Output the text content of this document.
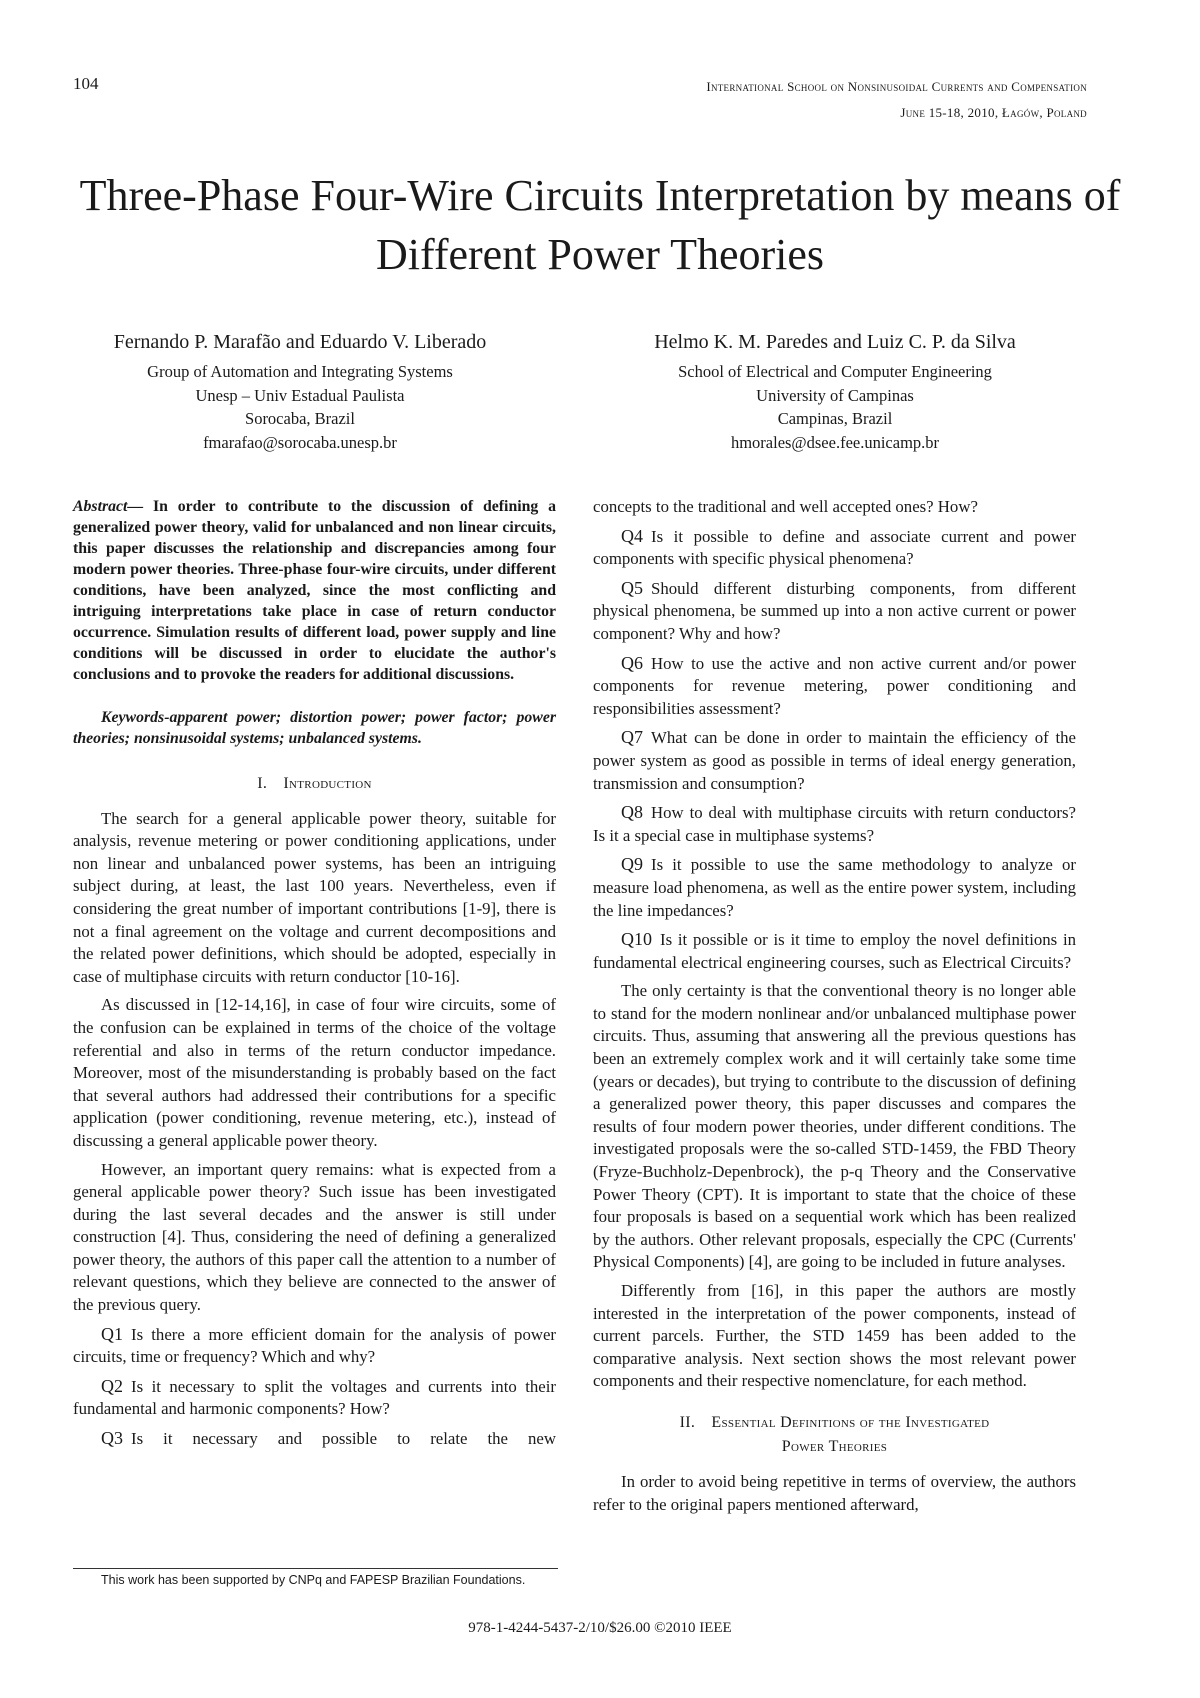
104	International School on Nonsinusoidal Currents and Compensation
June 15-18, 2010, Łagów, Poland
Three-Phase Four-Wire Circuits Interpretation by means of Different Power Theories
Fernando P. Marafão and Eduardo V. Liberado
Group of Automation and Integrating Systems
Unesp – Univ Estadual Paulista
Sorocaba, Brazil
fmarafao@sorocaba.unesp.br
Helmo K. M. Paredes and Luiz C. P. da Silva
School of Electrical and Computer Engineering
University of Campinas
Campinas, Brazil
hmorales@dsee.fee.unicamp.br

Abstract— In order to contribute to the discussion of defining a generalized power theory, valid for unbalanced and non linear circuits, this paper discusses the relationship and discrepancies among four modern power theories. Three-phase four-wire circuits, under different conditions, have been analyzed, since the most conflicting and intriguing interpretations take place in case of return conductor occurrence. Simulation results of different load, power supply and line conditions will be discussed in order to elucidate the author's conclusions and to provoke the readers for additional discussions.

Keywords-apparent power; distortion power; power factor; power theories; nonsinusoidal systems; unbalanced systems.

I. Introduction

The search for a general applicable power theory, suitable for analysis, revenue metering or power conditioning applications, under non linear and unbalanced power systems, has been an intriguing subject during, at least, the last 100 years. Nevertheless, even if considering the great number of important contributions [1-9], there is not a final agreement on the voltage and current decompositions and the related power definitions, which should be adopted, especially in case of multiphase circuits with return conductor [10-16].

As discussed in [12-14,16], in case of four wire circuits, some of the confusion can be explained in terms of the choice of the voltage referential and also in terms of the return conductor impedance. Moreover, most of the misunderstanding is probably based on the fact that several authors had addressed their contributions for a specific application (power conditioning, revenue metering, etc.), instead of discussing a general applicable power theory.

However, an important query remains: what is expected from a general applicable power theory? Such issue has been investigated during the last several decades and the answer is still under construction [4]. Thus, considering the need of defining a generalized power theory, the authors of this paper call the attention to a number of relevant questions, which they believe are connected to the answer of the previous query.

Q1 Is there a more efficient domain for the analysis of power circuits, time or frequency? Which and why?

Q2 Is it necessary to split the voltages and currents into their fundamental and harmonic components? How?

Q3 Is it necessary and possible to relate the new

This work has been supported by CNPq and FAPESP Brazilian Foundations.

concepts to the traditional and well accepted ones? How?

Q4 Is it possible to define and associate current and power components with specific physical phenomena?

Q5 Should different disturbing components, from different physical phenomena, be summed up into a non active current or power component? Why and how?

Q6 How to use the active and non active current and/or power components for revenue metering, power conditioning and responsibilities assessment?

Q7 What can be done in order to maintain the efficiency of the power system as good as possible in terms of ideal energy generation, transmission and consumption?

Q8 How to deal with multiphase circuits with return conductors? Is it a special case in multiphase systems?

Q9 Is it possible to use the same methodology to analyze or measure load phenomena, as well as the entire power system, including the line impedances?

Q10 Is it possible or is it time to employ the novel definitions in fundamental electrical engineering courses, such as Electrical Circuits?

The only certainty is that the conventional theory is no longer able to stand for the modern nonlinear and/or unbalanced multiphase power circuits. Thus, assuming that answering all the previous questions has been an extremely complex work and it will certainly take some time (years or decades), but trying to contribute to the discussion of defining a generalized power theory, this paper discusses and compares the results of four modern power theories, under different conditions. The investigated proposals were the so-called STD-1459, the FBD Theory (Fryze-Buchholz-Depenbrock), the p-q Theory and the Conservative Power Theory (CPT). It is important to state that the choice of these four proposals is based on a sequential work which has been realized by the authors. Other relevant proposals, especially the CPC (Currents' Physical Components) [4], are going to be included in future analyses.

Differently from [16], in this paper the authors are mostly interested in the interpretation of the power components, instead of current parcels. Further, the STD 1459 has been added to the comparative analysis. Next section shows the most relevant power components and their respective nomenclature, for each method.

II. Essential Definitions of the Investigated
Power Theories

In order to avoid being repetitive in terms of overview, the authors refer to the original papers mentioned afterward,

978-1-4244-5437-2/10/$26.00 ©2010 IEEE
